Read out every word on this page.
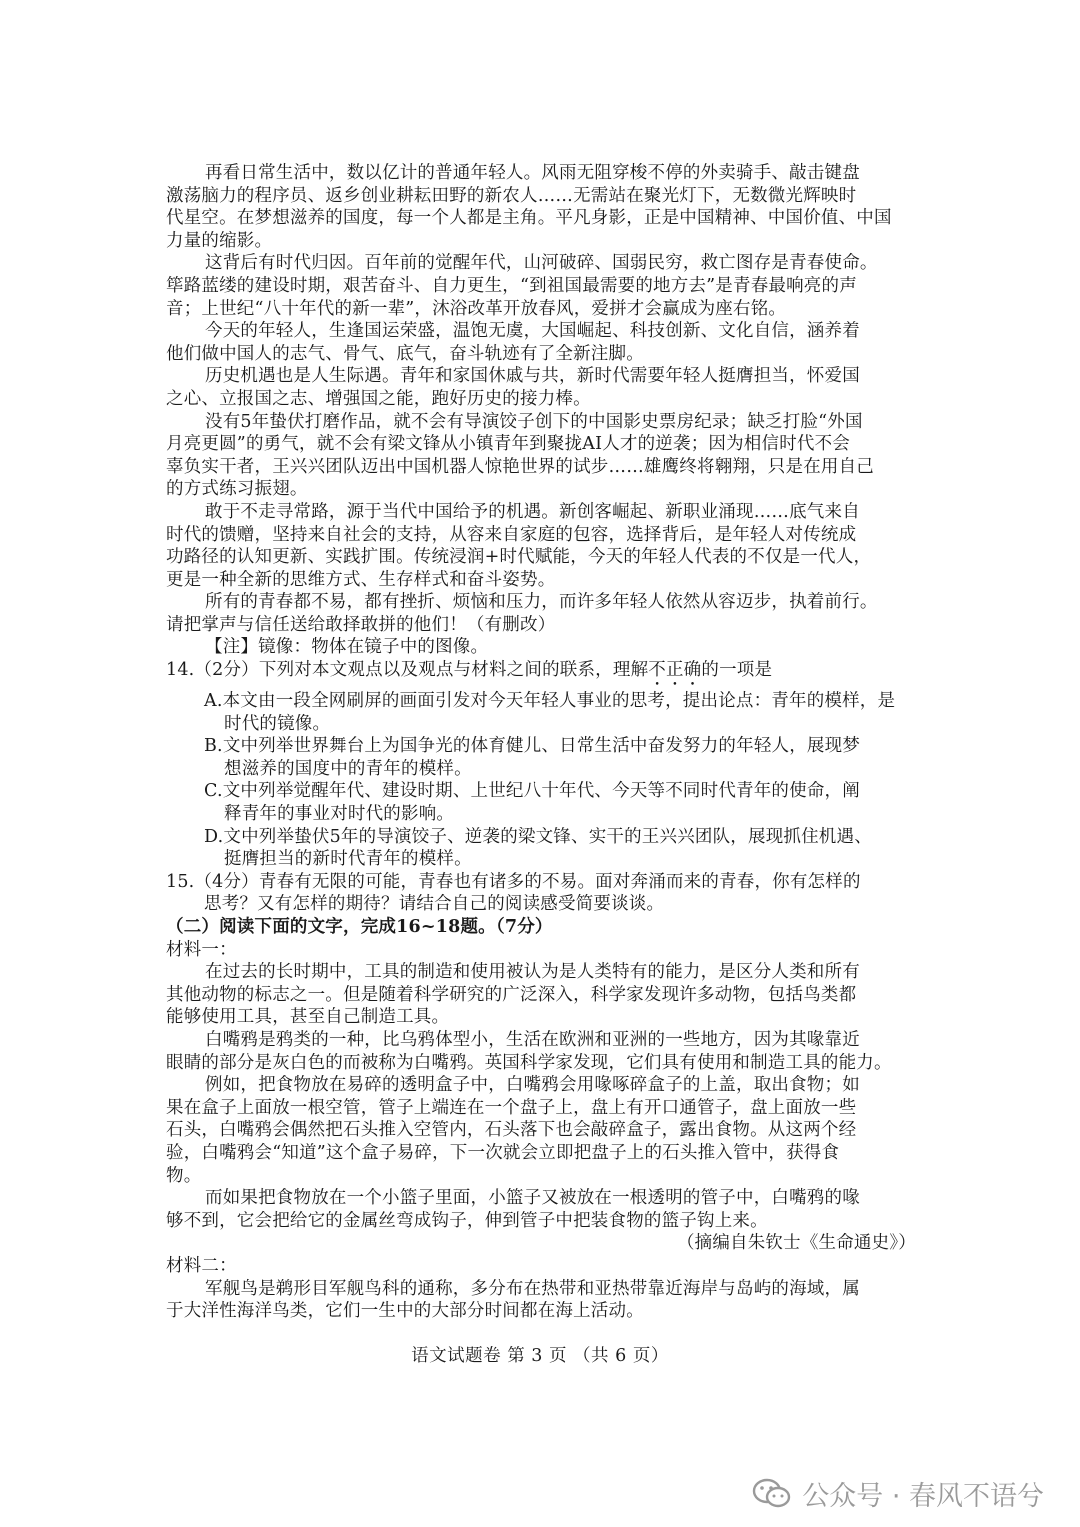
再看日常生活中，数以亿计的普通年轻人。风雨无阻穿梭不停的外卖骑手、敲击键盘
激荡脑力的程序员、返乡创业耕耘田野的新农人……无需站在聚光灯下，无数微光辉映时
代星空。在梦想滋养的国度，每一个人都是主角。平凡身影，正是中国精神、中国价值、中国
力量的缩影。
这背后有时代归因。百年前的觉醒年代，山河破碎、国弱民穷，救亡图存是青春使命。
筚路蓝缕的建设时期，艰苦奋斗、自力更生，“到祖国最需要的地方去”是青春最响亮的声
音；上世纪“八十年代的新一辈”，沐浴改革开放春风，爱拼才会赢成为座右铭。
今天的年轻人，生逢国运荣盛，温饱无虞，大国崛起、科技创新、文化自信，涵养着
他们做中国人的志气、骨气、底气，奋斗轨迹有了全新注脚。
历史机遇也是人生际遇。青年和家国休戚与共，新时代需要年轻人挺膺担当，怀爱国
之心、立报国之志、增强国之能，跑好历史的接力棒。
没有5年蛰伏打磨作品，就不会有导演饺子创下的中国影史票房纪录；缺乏打脸“外国
月亮更圆”的勇气，就不会有梁文锋从小镇青年到聚拢AI人才的逆袭；因为相信时代不会
辜负实干者，王兴兴团队迈出中国机器人惊艳世界的试步……雄鹰终将翱翔，只是在用自己
的方式练习振翅。
敢于不走寻常路，源于当代中国给予的机遇。新创客崛起、新职业涌现……底气来自
时代的馈赠，坚持来自社会的支持，从容来自家庭的包容，选择背后，是年轻人对传统成
功路径的认知更新、实践扩围。传统浸润+时代赋能，今天的年轻人代表的不仅是一代人，
更是一种全新的思维方式、生存样式和奋斗姿势。
所有的青春都不易，都有挫折、烦恼和压力，而许多年轻人依然从容迈步，执着前行。
请把掌声与信任送给敢择敢拼的他们！（有删改）
【注】镜像：物体在镜子中的图像。
14.（2分）下列对本文观点以及观点与材料之间的联系，理解不正确的一项是
A.本文由一段全网刷屏的画面引发对今天年轻人事业的思考，提出论点：青年的模样，是
时代的镜像。
B.文中列举世界舞台上为国争光的体育健儿、日常生活中奋发努力的年轻人，展现梦
想滋养的国度中的青年的模样。
C.文中列举觉醒年代、建设时期、上世纪八十年代、今天等不同时代青年的使命，阐
释青年的事业对时代的影响。
D.文中列举蛰伏5年的导演饺子、逆袭的梁文锋、实干的王兴兴团队，展现抓住机遇、
挺膺担当的新时代青年的模样。
15.（4分）青春有无限的可能，青春也有诸多的不易。面对奔涌而来的青春，你有怎样的
思考？又有怎样的期待？请结合自己的阅读感受简要谈谈。
（二）阅读下面的文字，完成16~18题。（7分）
材料一：
在过去的长时期中，工具的制造和使用被认为是人类特有的能力，是区分人类和所有
其他动物的标志之一。但是随着科学研究的广泛深入，科学家发现许多动物，包括鸟类都
能够使用工具，甚至自己制造工具。
白嘴鸦是鸦类的一种，比乌鸦体型小，生活在欧洲和亚洲的一些地方，因为其喙靠近
眼睛的部分是灰白色的而被称为白嘴鸦。英国科学家发现，它们具有使用和制造工具的能力。
例如，把食物放在易碎的透明盒子中，白嘴鸦会用喙啄碎盒子的上盖，取出食物；如
果在盒子上面放一根空管，管子上端连在一个盘子上，盘上有开口通管子，盘上面放一些
石头，白嘴鸦会偶然把石头推入空管内，石头落下也会敲碎盒子，露出食物。从这两个经
验，白嘴鸦会“知道”这个盒子易碎，下一次就会立即把盘子上的石头推入管中，获得食
物。
而如果把食物放在一个小篮子里面，小篮子又被放在一根透明的管子中，白嘴鸦的喙
够不到，它会把给它的金属丝弯成钩子，伸到管子中把装食物的篮子钩上来。
（摘编自朱钦士《生命通史》）
材料二：
军舰鸟是鹈形目军舰鸟科的通称，多分布在热带和亚热带靠近海岸与岛屿的海域，属
于大洋性海洋鸟类，它们一生中的大部分时间都在海上活动。
语文试题卷 第 3 页 （共 6 页）
公众号 · 春风不语兮
